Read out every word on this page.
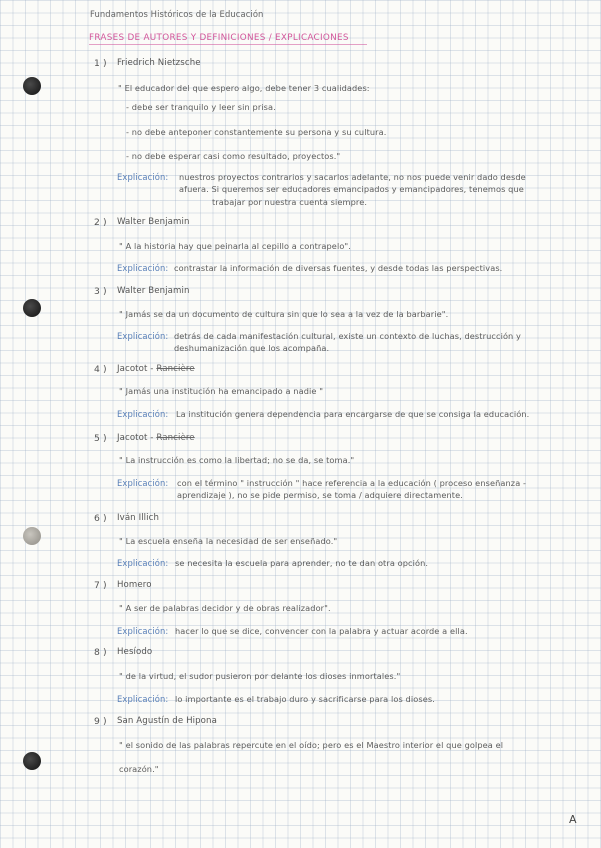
Fundamentos Históricos de la Educación
FRASES DE AUTORES Y DEFINICIONES / EXPLICACIONES
1 ) Friedrich Nietzsche
" El educador del que espero algo, debe tener 3 cualidades:
- debe ser tranquilo y leer sin prisa.
- no debe anteponer constantemente su persona y su cultura.
- no debe esperar casi como resultado, proyectos."
Explicación: nuestros proyectos contrarios y sacarlos adelante, no nos puede venir dado desde
afuera. Si queremos ser educadores emancipados y emancipadores, tenemos que
trabajar por nuestra cuenta siempre.
2 ) Walter Benjamin
" A la historia hay que peinarla al cepillo a contrapelo".
Explicación: contrastar la información de diversas fuentes, y desde todas las perspectivas.
3 ) Walter Benjamin
" Jamás se da un documento de cultura sin que lo sea a la vez de la barbarie".
Explicación: detrás de cada manifestación cultural, existe un contexto de luchas, destrucción y
deshumanización que los acompaña.
4 ) Jacotot - Rancière
" Jamás una institución ha emancipado a nadie "
Explicación: La institución genera dependencia para encargarse de que se consiga la educación.
5 ) Jacotot - Rancière
" La instrucción es como la libertad; no se da, se toma."
Explicación: con el término " instrucción " hace referencia a la educación ( proceso enseñanza -
aprendizaje ), no se pide permiso, se toma / adquiere directamente.
6 ) Iván Illich
" La escuela enseña la necesidad de ser enseñado."
Explicación: se necesita la escuela para aprender, no te dan otra opción.
7 ) Homero
" A ser de palabras decidor y de obras realizador".
Explicación: hacer lo que se dice, convencer con la palabra y actuar acorde a ella.
8 ) Hesíodo
" de la virtud, el sudor pusieron por delante los dioses inmortales."
Explicación: lo importante es el trabajo duro y sacrificarse para los dioses.
9 ) San Agustín de Hipona
" el sonido de las palabras repercute en el oído; pero es el Maestro interior el que golpea el
corazón."
A
